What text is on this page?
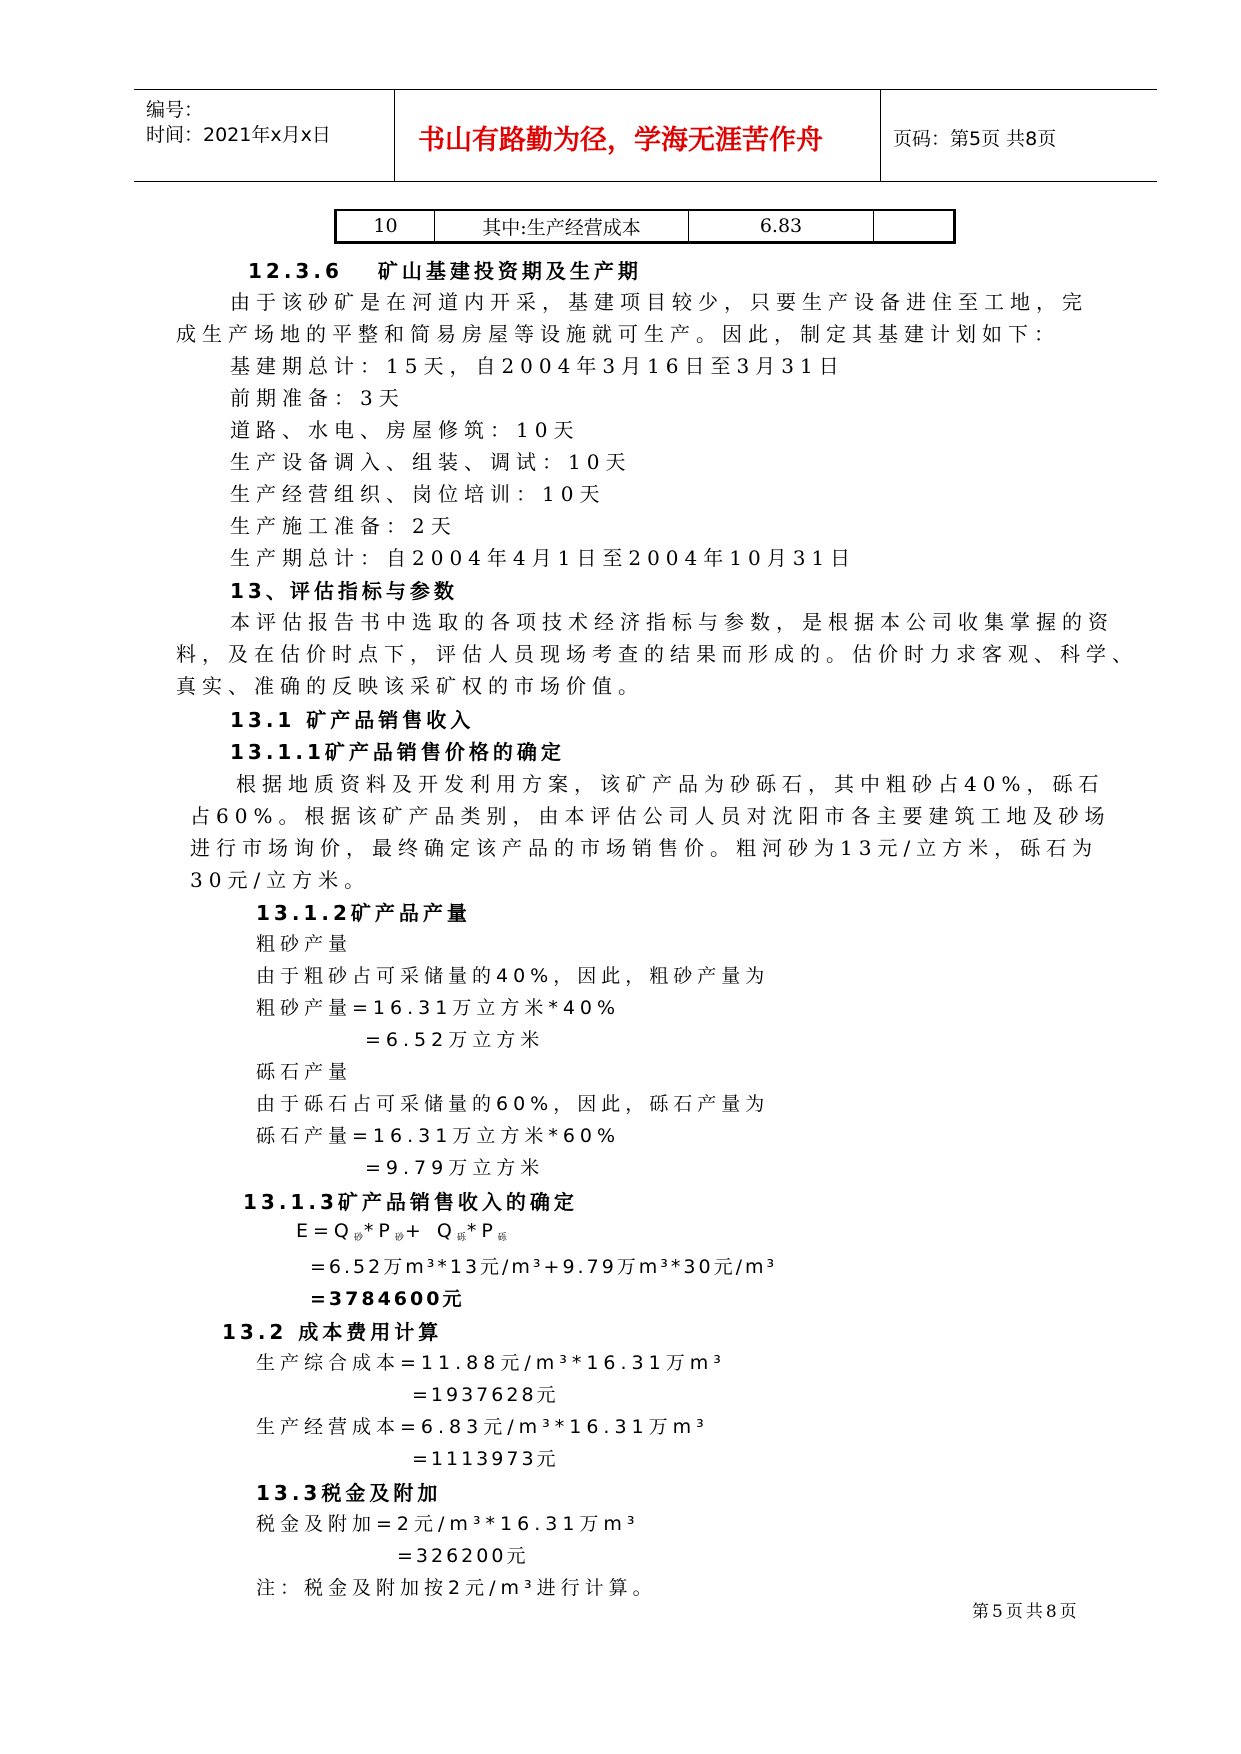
编号：
时间：2021年x月x日	书山有路勤为径，学海无涯苦作舟	页码：第5页 共8页
10	其中:生产经营成本	6.83
12.3.6　 矿山基建投资期及生产期
由于该砂矿是在河道内开采，基建项目较少，只要生产设备进住至工地，完
成生产场地的平整和简易房屋等设施就可生产。因此，制定其基建计划如下：
基建期总计：15天，自2004年3月16日至3月31日
前期准备：3天
道路、水电、房屋修筑：10天
生产设备调入、组装、调试：10天
生产经营组织、岗位培训：10天
生产施工准备：2天
生产期总计：自2004年4月1日至2004年10月31日
13、评估指标与参数
本评估报告书中选取的各项技术经济指标与参数，是根据本公司收集掌握的资
料，及在估价时点下，评估人员现场考查的结果而形成的。估价时力求客观、科学、
真实、准确的反映该采矿权的市场价值。
13.1 矿产品销售收入
13.1.1矿产品销售价格的确定
根据地质资料及开发利用方案，该矿产品为砂砾石，其中粗砂占40%，砾石
占60%。根据该矿产品类别，由本评估公司人员对沈阳市各主要建筑工地及砂场
进行市场询价，最终确定该产品的市场销售价。粗河砂为13元/立方米，砾石为
30元/立方米。
13.1.2矿产品产量
粗砂产量
由于粗砂占可采储量的40%，因此，粗砂产量为
粗砂产量=16.31万立方米*40%
=6.52万立方米
砾石产量
由于砾石占可采储量的60%，因此，砾石产量为
砾石产量=16.31万立方米*60%
=9.79万立方米
13.1.3矿产品销售收入的确定
E=Q砂*P砂+ Q砾*P砾
=6.52万m³*13元/m³+9.79万m³*30元/m³
=3784600元
13.2 成本费用计算
生产综合成本=11.88元/m³*16.31万m³
=1937628元
生产经营成本=6.83元/m³*16.31万m³
=1113973元
13.3税金及附加
税金及附加=2元/m³*16.31万m³
=326200元
注：税金及附加按2元/m³进行计算。
第5页共8页
